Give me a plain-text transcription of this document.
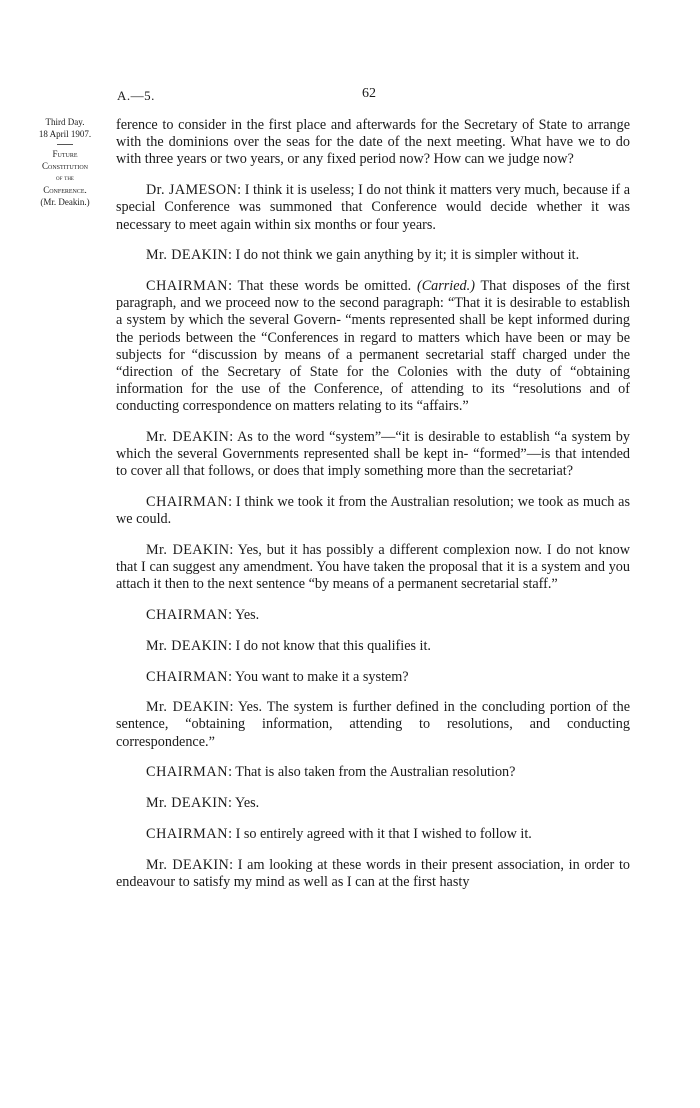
A.—5.	62
Third Day.
18 April 1907.
Future
Constitution
of the
Conference.
(Mr. Deakin.)

ference to consider in the first place and afterwards for the Secretary of State to arrange with the dominions over the seas for the date of the next meeting. What have we to do with three years or two years, or any fixed period now? How can we judge now?

Dr. JAMESON: I think it is useless; I do not think it matters very much, because if a special Conference was summoned that Conference would decide whether it was necessary to meet again within six months or four years.

Mr. DEAKIN: I do not think we gain anything by it; it is simpler without it.

CHAIRMAN: That these words be omitted. (Carried.) That disposes of the first paragraph, and we proceed now to the second paragraph: “That it is desirable to establish a system by which the several Govern- “ments represented shall be kept informed during the periods between the “Conferences in regard to matters which have been or may be subjects for “discussion by means of a permanent secretarial staff charged under the “direction of the Secretary of State for the Colonies with the duty of “obtaining information for the use of the Conference, of attending to its “resolutions and of conducting correspondence on matters relating to its “affairs.”

Mr. DEAKIN: As to the word “system”—“it is desirable to establish “a system by which the several Governments represented shall be kept in- “formed”—is that intended to cover all that follows, or does that imply something more than the secretariat?

CHAIRMAN: I think we took it from the Australian resolution; we took as much as we could.

Mr. DEAKIN: Yes, but it has possibly a different complexion now. I do not know that I can suggest any amendment. You have taken the proposal that it is a system and you attach it then to the next sentence “by means of a permanent secretarial staff.”

CHAIRMAN: Yes.

Mr. DEAKIN: I do not know that this qualifies it.

CHAIRMAN: You want to make it a system?

Mr. DEAKIN: Yes. The system is further defined in the concluding portion of the sentence, “obtaining information, attending to resolutions, and conducting correspondence.”

CHAIRMAN: That is also taken from the Australian resolution?

Mr. DEAKIN: Yes.

CHAIRMAN: I so entirely agreed with it that I wished to follow it.

Mr. DEAKIN: I am looking at these words in their present association, in order to endeavour to satisfy my mind as well as I can at the first hasty
